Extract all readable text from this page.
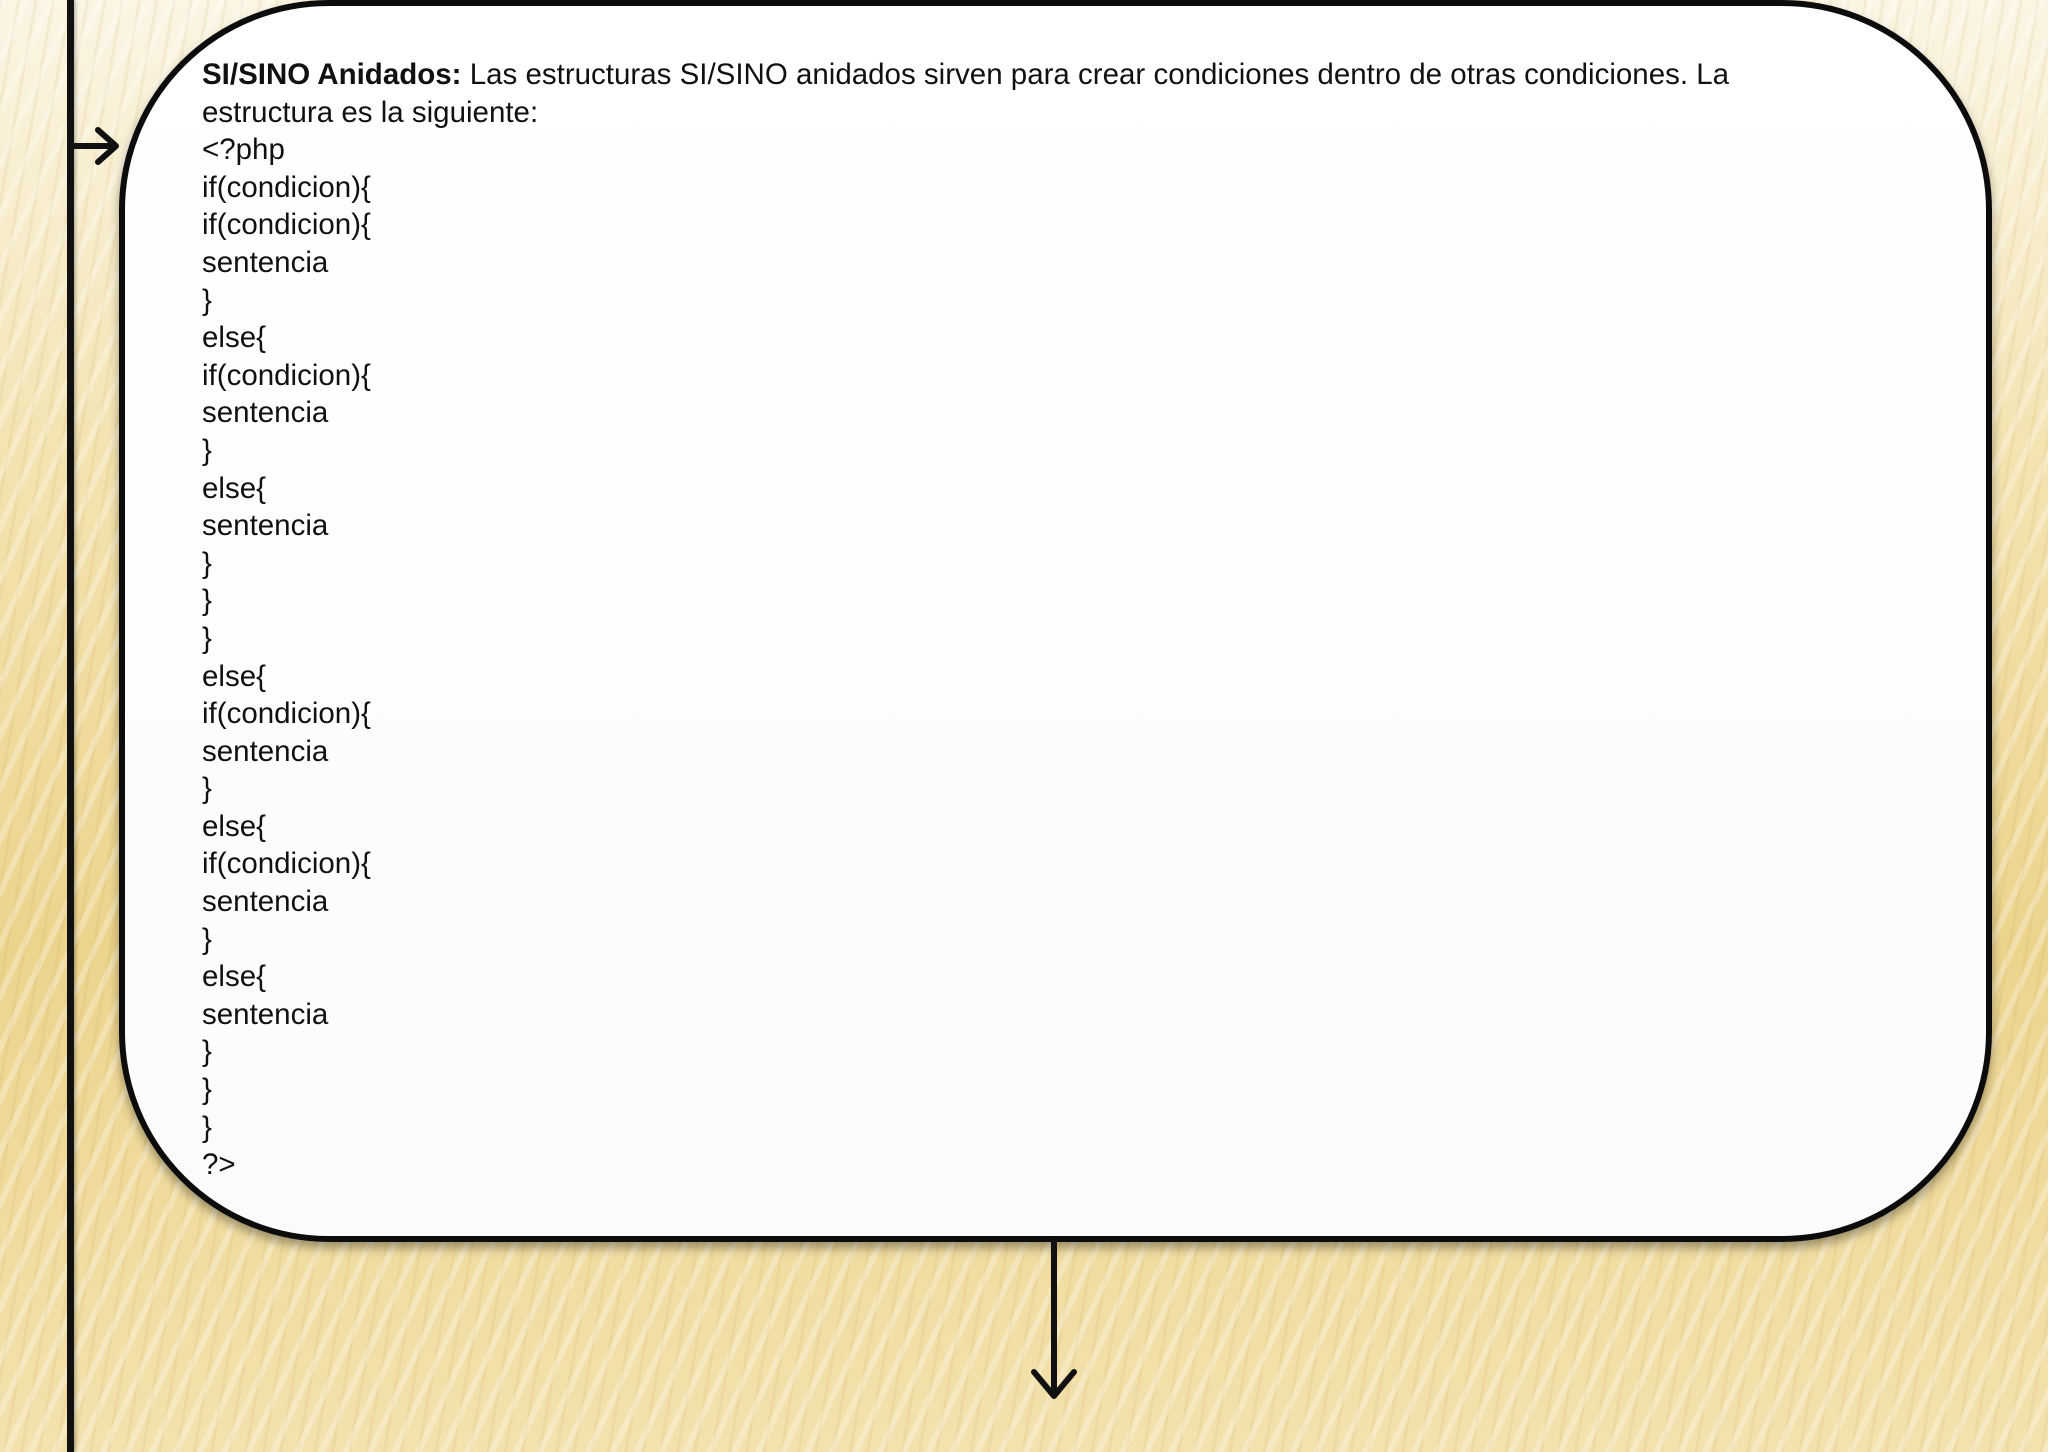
SI/SINO Anidados: Las estructuras SI/SINO anidados sirven para crear condiciones dentro de otras condiciones. La estructura es la siguiente:
<?php
if(condicion){
if(condicion){
sentencia
}
else{
if(condicion){
sentencia
}
else{
sentencia
}
}
}
else{
if(condicion){
sentencia
}
else{
if(condicion){
sentencia
}
else{
sentencia
}
}
}
?>
